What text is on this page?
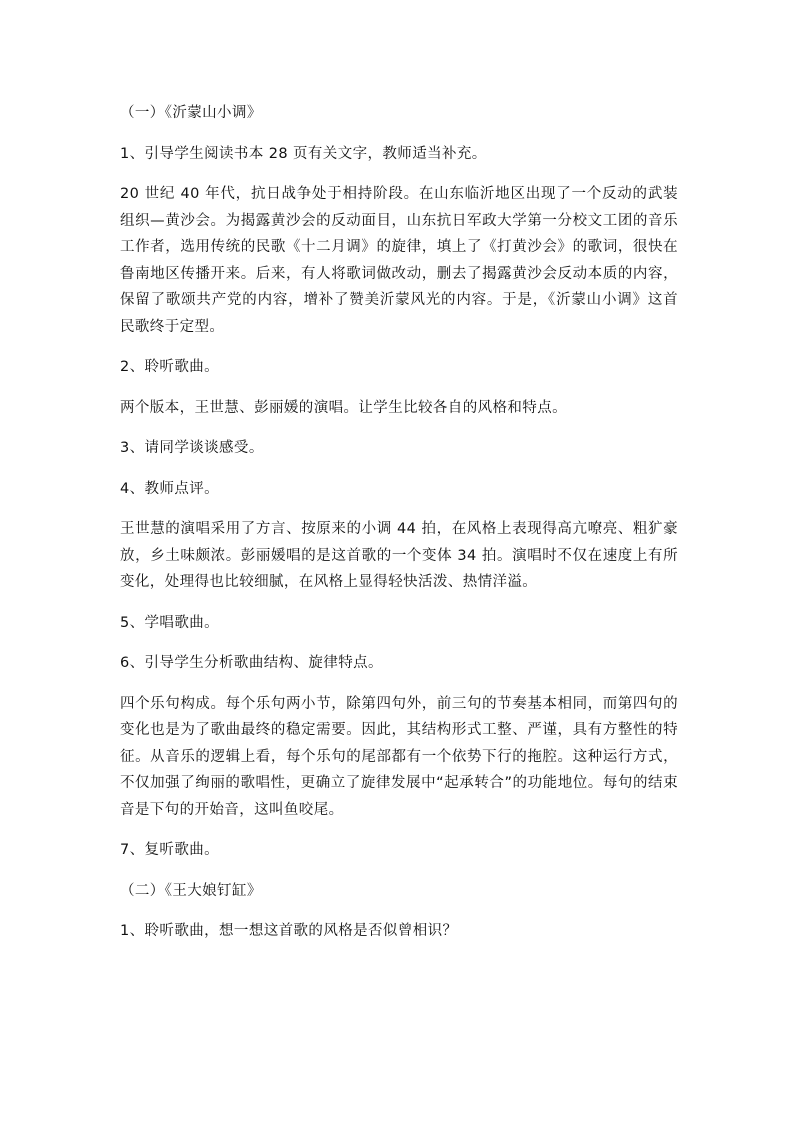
（一）《沂蒙山小调》

1、引导学生阅读书本 28 页有关文字，教师适当补充。

20 世纪 40 年代，抗日战争处于相持阶段。在山东临沂地区出现了一个反动的武装组织—黄沙会。为揭露黄沙会的反动面目，山东抗日军政大学第一分校文工团的音乐工作者，选用传统的民歌《十二月调》的旋律，填上了《打黄沙会》的歌词，很快在鲁南地区传播开来。后来，有人将歌词做改动，删去了揭露黄沙会反动本质的内容，保留了歌颂共产党的内容，增补了赞美沂蒙风光的内容。于是，《沂蒙山小调》这首民歌终于定型。

2、聆听歌曲。

两个版本，王世慧、彭丽媛的演唱。让学生比较各自的风格和特点。

3、请同学谈谈感受。

4、教师点评。

王世慧的演唱采用了方言、按原来的小调 44 拍，在风格上表现得高亢嘹亮、粗犷豪放，乡土味颇浓。彭丽媛唱的是这首歌的一个变体 34 拍。演唱时不仅在速度上有所变化，处理得也比较细腻，在风格上显得轻快活泼、热情洋溢。

5、学唱歌曲。

6、引导学生分析歌曲结构、旋律特点。

四个乐句构成。每个乐句两小节，除第四句外，前三句的节奏基本相同，而第四句的变化也是为了歌曲最终的稳定需要。因此，其结构形式工整、严谨，具有方整性的特征。从音乐的逻辑上看，每个乐句的尾部都有一个依势下行的拖腔。这种运行方式，不仅加强了绚丽的歌唱性，更确立了旋律发展中“起承转合”的功能地位。每句的结束音是下句的开始音，这叫鱼咬尾。

7、复听歌曲。

（二）《王大娘钉缸》

1、聆听歌曲，想一想这首歌的风格是否似曾相识？
